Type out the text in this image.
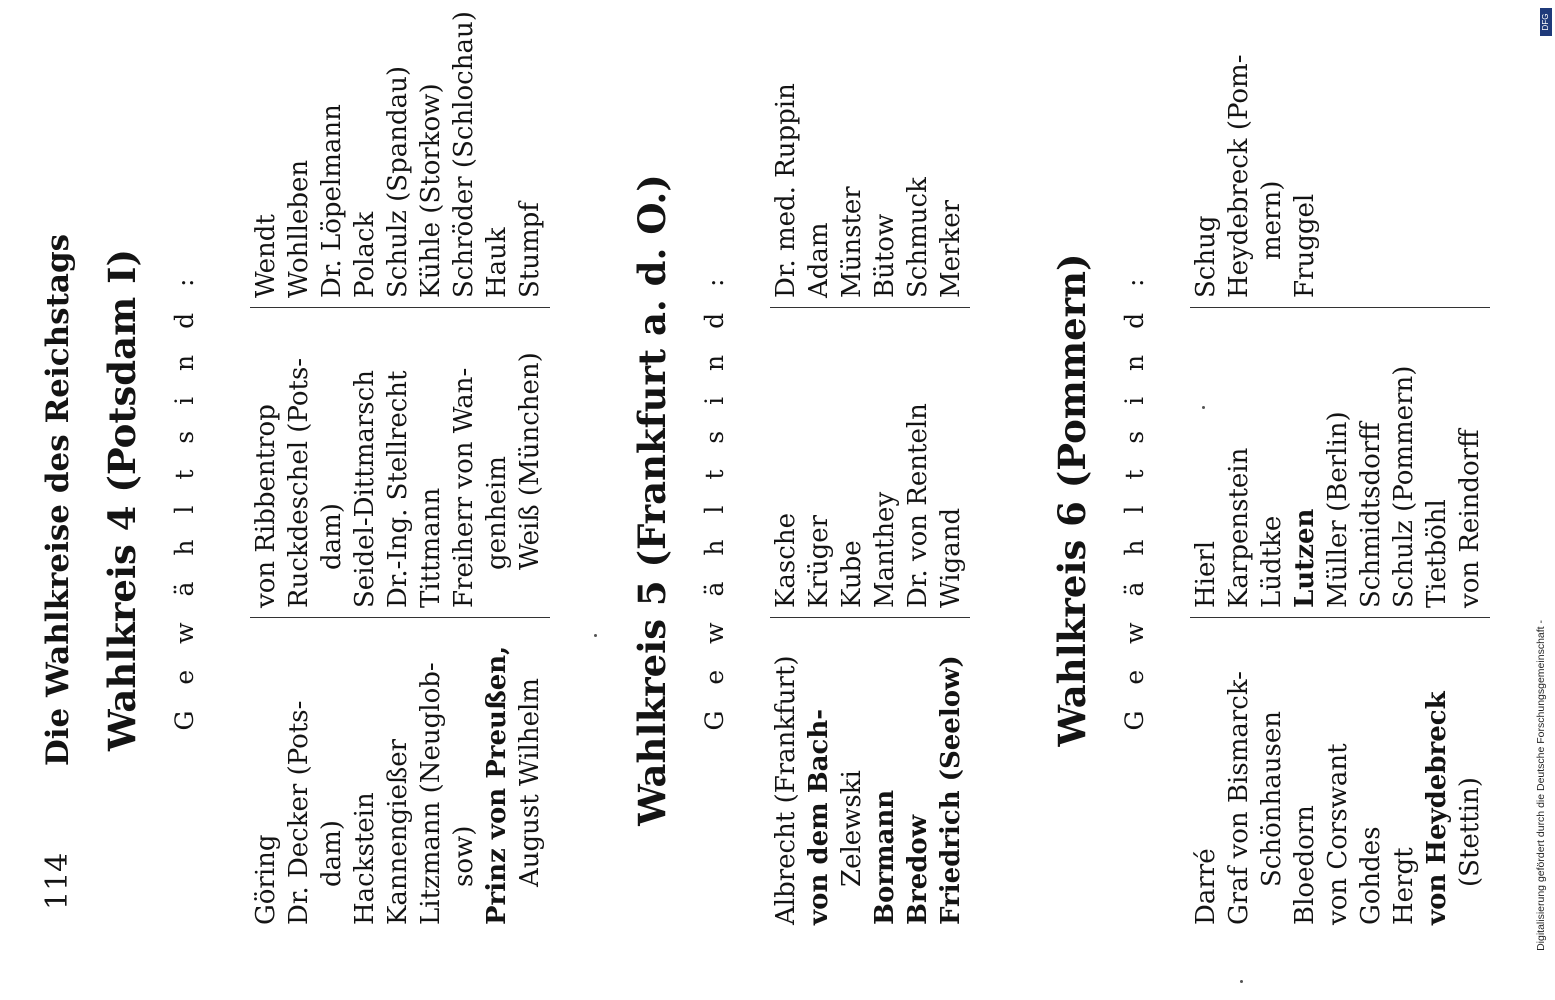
114
Die Wahlkreise des Reichstags Wahlkreis 4 (Potsdam I) G e w ä h l t s i n d :
Göring Dr. Decker (Pots- dam) Hackstein Kannengießer Litzmann (Neuglob- sow) Prinz von Preußen, August Wilhelm
von Ribbentrop Ruckdeschel (Pots- dam) Seidel-Dittmarsch Dr.-Ing. Stellrecht Tittmann Freiherr von Wan- genheim Weiß (München)
Wendt Wohlleben Dr. Löpelmann Polack Schulz (Spandau) Kühle (Storkow) Schröder (Schlochau) Hauk Stumpf Wahlkreis 5 (Frankfurt a. d. O.) G e w ä h l t s i n d :
Albrecht (Frankfurt) von dem Bach- Zelewski Bormann Bredow Friedrich (Seelow)
Kasche Krüger Kube Manthey Dr. von Renteln Wigand
Dr. med. Ruppin Adam Münster Bütow Schmuck Merker
Wahlkreis 6 (Pommern) G e w ä h l t s i n d :
Darré Graf von Bismarck- Schönhausen Bloedorn von Corswant Gohdes Hergt von Heydebreck (Stettin)
Hierl Karpenstein Lüdtke Lutzen Müller (Berlin) Schmidtsdorff Schulz (Pommern) Tietböhl von Reindorff
Schug Heydebreck (Pom- mern) Fruggel
Digitalisierung gefördert durch die Deutsche Forschungsgemeinschaft -
DFG
